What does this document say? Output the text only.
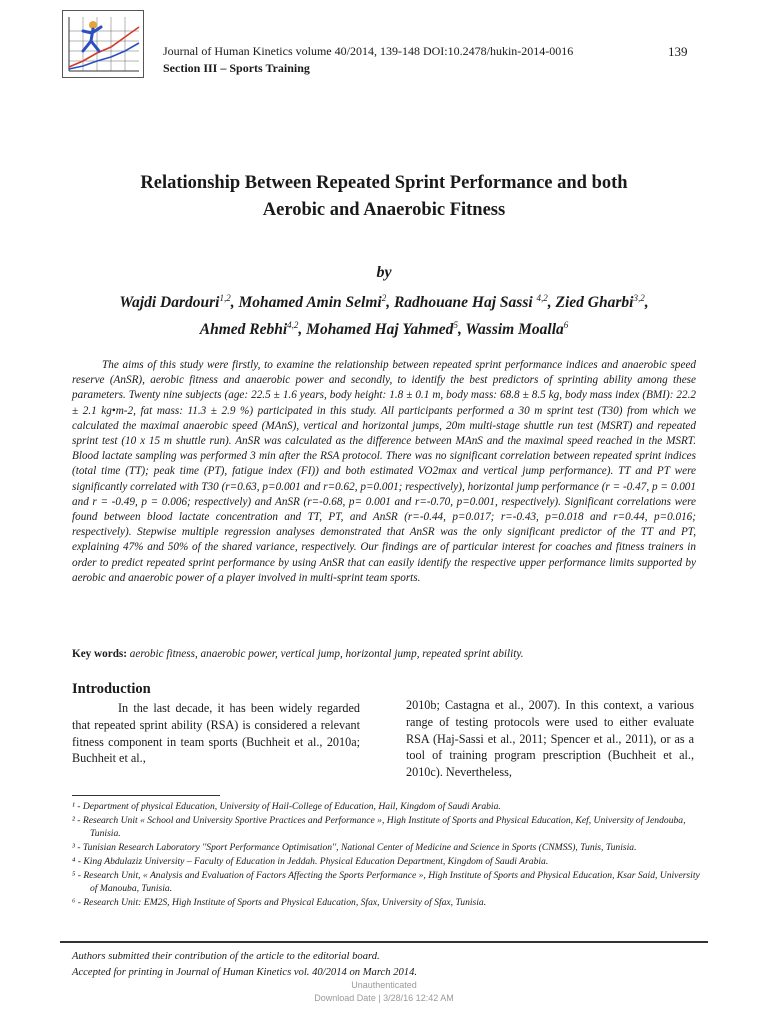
Journal of Human Kinetics volume 40/2014, 139-148 DOI:10.2478/hukin-2014-0016
Section III – Sports Training
139
Relationship Between Repeated Sprint Performance and both
Aerobic and Anaerobic Fitness
by
Wajdi Dardouri$^{1,2}$, Mohamed Amin Selmi$^2$, Radhouane Haj Sassi $^{4,2}$, Zied Gharbi$^{3,2}$,
Ahmed Rebhi$^{4,2}$, Mohamed Haj Yahmed$^5$, Wassim Moalla$^6$
The aims of this study were firstly, to examine the relationship between repeated sprint performance indices and anaerobic speed reserve (AnSR), aerobic fitness and anaerobic power and secondly, to identify the best predictors of sprinting ability among these parameters. Twenty nine subjects (age: 22.5 ± 1.6 years, body height: 1.8 ± 0.1 m, body mass: 68.8 ± 8.5 kg, body mass index (BMI): 22.2 ± 2.1 kg•m-2, fat mass: 11.3 ± 2.9 %) participated in this study. All participants performed a 30 m sprint test (T30) from which we calculated the maximal anaerobic speed (MAnS), vertical and horizontal jumps, 20m multi-stage shuttle run test (MSRT) and repeated sprint test (10 x 15 m shuttle run). AnSR was calculated as the difference between MAnS and the maximal speed reached in the MSRT. Blood lactate sampling was performed 3 min after the RSA protocol. There was no significant correlation between repeated sprint indices (total time (TT); peak time (PT), fatigue index (FI)) and both estimated VO2max and vertical jump performance). TT and PT were significantly correlated with T30 (r=0.63, p=0.001 and r=0.62, p=0.001; respectively), horizontal jump performance (r = -0.47, p = 0.001 and r = -0.49, p = 0.006; respectively) and AnSR (r=-0.68, p= 0.001 and r=-0.70, p=0.001, respectively). Significant correlations were found between blood lactate concentration and TT, PT, and AnSR (r=-0.44, p=0.017; r=-0.43, p=0.018 and r=0.44, p=0.016; respectively). Stepwise multiple regression analyses demonstrated that AnSR was the only significant predictor of the TT and PT, explaining 47% and 50% of the shared variance, respectively. Our findings are of particular interest for coaches and fitness trainers in order to predict repeated sprint performance by using AnSR that can easily identify the respective upper performance limits supported by aerobic and anaerobic power of a player involved in multi-sprint team sports.
Key words: aerobic fitness, anaerobic power, vertical jump, horizontal jump, repeated sprint ability.
Introduction
In the last decade, it has been widely regarded that repeated sprint ability (RSA) is considered a relevant fitness component in team sports (Buchheit et al., 2010a; Buchheit et al.,
2010b; Castagna et al., 2007). In this context, a various range of testing protocols were used to either evaluate RSA (Haj-Sassi et al., 2011; Spencer et al., 2011), or as a tool of training program prescription (Buchheit et al., 2010c). Nevertheless,
¹ - Department of physical Education, University of Hail-College of Education, Hail, Kingdom of Saudi Arabia.
² - Research Unit « School and University Sportive Practices and Performance », High Institute of Sports and Physical Education, Kef, University of Jendouba, Tunisia.
³ - Tunisian Research Laboratory ''Sport Performance Optimisation'', National Center of Medicine and Science in Sports (CNMSS), Tunis, Tunisia.
⁴ - King Abdulaziz University – Faculty of Education in Jeddah. Physical Education Department, Kingdom of Saudi Arabia.
⁵ - Research Unit, « Analysis and Evaluation of Factors Affecting the Sports Performance », High Institute of Sports and Physical Education, Ksar Said, University of Manouba, Tunisia.
⁶ - Research Unit: EM2S, High Institute of Sports and Physical Education, Sfax, University of Sfax, Tunisia.
Authors submitted their contribution of the article to the editorial board.
Accepted for printing in Journal of Human Kinetics vol. 40/2014 on March 2014.
Unauthenticated
Download Date | 3/28/16 12:42 AM
